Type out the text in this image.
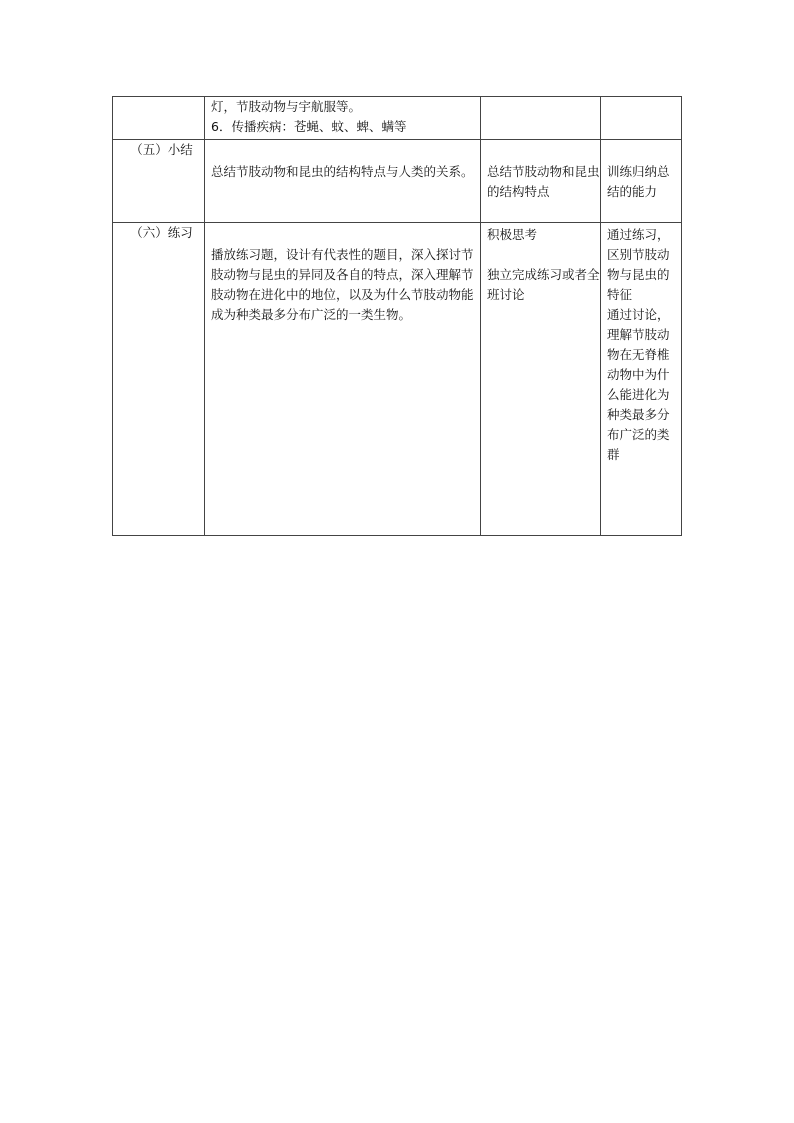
	灯，节肢动物与宇航服等。
6．传播疾病：苍蝇、蚊、蜱、螨等		

（五）小结	总结节肢动物和昆虫的结构特点与人类的关系。	总结节肢动物和昆虫的结构特点	训练归纳总结的能力

（六）练习	播放练习题，设计有代表性的题目，深入探讨节肢动物与昆虫的异同及各自的特点，深入理解节肢动物在进化中的地位，以及为什么节肢动物能成为种类最多分布广泛的一类生物。	积极思考
独立完成练习或者全班讨论	通过练习，区别节肢动物与昆虫的特征
通过讨论，理解节肢动物在无脊椎动物中为什么能进化为种类最多分布广泛的类群
